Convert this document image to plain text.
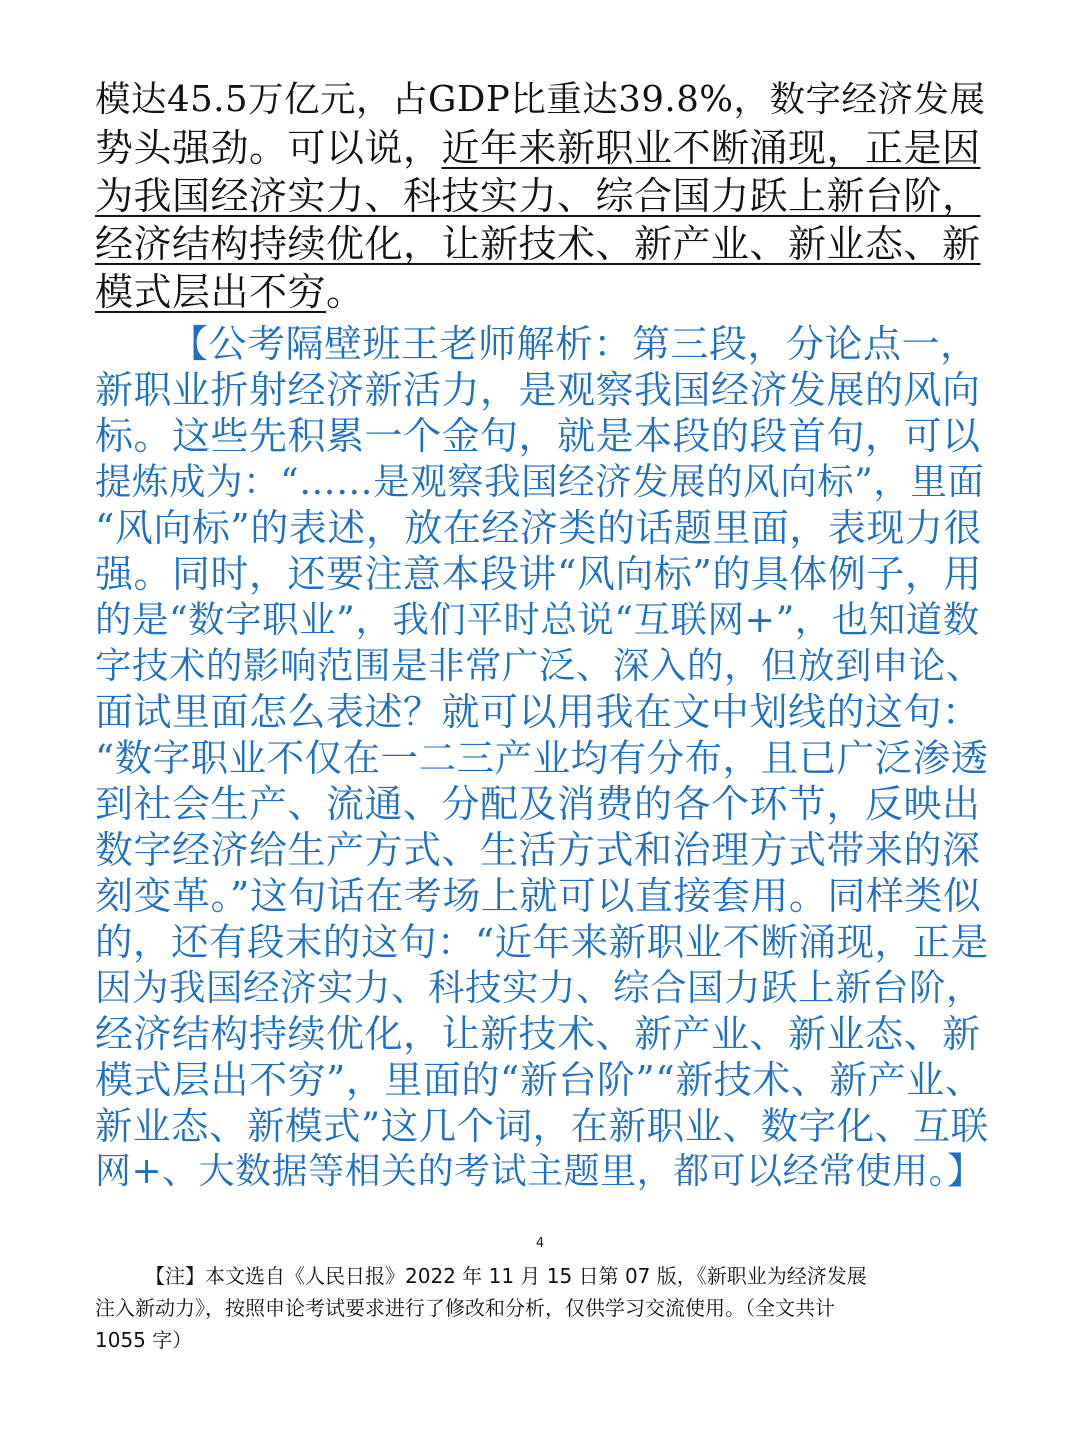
模达45.5万亿元，占GDP比重达39.8%，数字经济发展
势头强劲。可以说，近年来新职业不断涌现，正是因
为我国经济实力、科技实力、综合国力跃上新台阶，
经济结构持续优化，让新技术、新产业、新业态、新
模式层出不穷。
【公考隔壁班王老师解析：第三段，分论点一，
新职业折射经济新活力，是观察我国经济发展的风向
标。这些先积累一个金句，就是本段的段首句，可以
提炼成为：“……是观察我国经济发展的风向标”，里面
“风向标”的表述，放在经济类的话题里面，表现力很
强。同时，还要注意本段讲“风向标”的具体例子，用
的是“数字职业”，我们平时总说“互联网+”，也知道数
字技术的影响范围是非常广泛、深入的，但放到申论、
面试里面怎么表述？就可以用我在文中划线的这句：
“数字职业不仅在一二三产业均有分布，且已广泛渗透
到社会生产、流通、分配及消费的各个环节，反映出
数字经济给生产方式、生活方式和治理方式带来的深
刻变革。”这句话在考场上就可以直接套用。同样类似
的，还有段末的这句：“近年来新职业不断涌现，正是
因为我国经济实力、科技实力、综合国力跃上新台阶，
经济结构持续优化，让新技术、新产业、新业态、新
模式层出不穷”，里面的“新台阶”“新技术、新产业、
新业态、新模式”这几个词，在新职业、数字化、互联
网+、大数据等相关的考试主题里，都可以经常使用。】
4
【注】本文选自《人民日报》2022 年 11 月 15 日第 07 版，《新职业为经济发展
注入新动力》，按照申论考试要求进行了修改和分析，仅供学习交流使用。（全文共计
1055 字）
